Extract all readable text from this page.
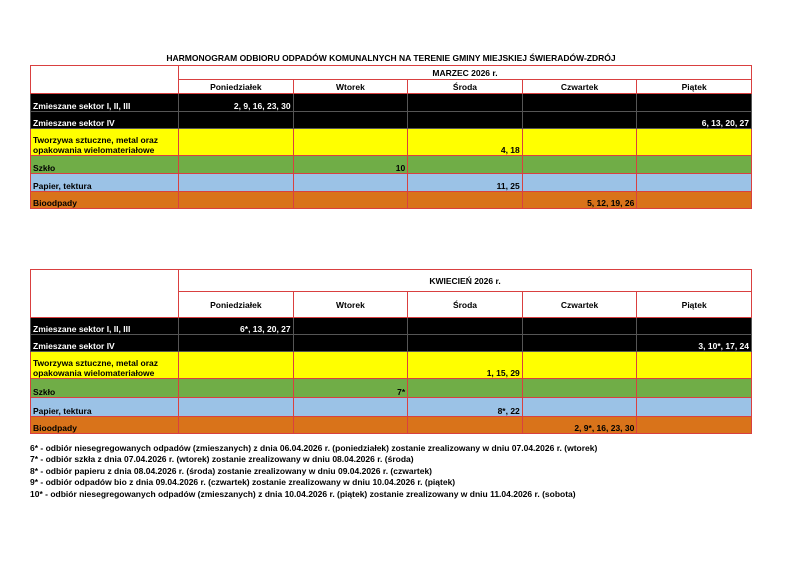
HARMONOGRAM ODBIORU ODPADÓW KOMUNALNYCH NA TERENIE GMINY MIEJSKIEJ ŚWIERADÓW-ZDRÓJ
	MARZEC 2026 r.				
	Poniedziałek	Wtorek	Środa	Czwartek	Piątek
Zmieszane sektor I, II, III	2, 9, 16, 23, 30				
Zmieszane sektor IV					6, 13, 20, 27
Tworzywa sztuczne, metal oraz opakowania wielomateriałowe			4, 18		
Szkło		10			
Papier, tektura			11, 25		
Bioodpady				5, 12, 19, 26	
	KWIECIEŃ 2026 r.				
	Poniedziałek	Wtorek	Środa	Czwartek	Piątek
Zmieszane sektor I, II, III	6*, 13, 20, 27				
Zmieszane sektor IV					3, 10*, 17, 24
Tworzywa sztuczne, metal oraz opakowania wielomateriałowe			1, 15, 29		
Szkło		7*			
Papier, tektura			8*, 22		
Bioodpady				2, 9*, 16, 23, 30	
6* - odbiór niesegregowanych odpadów (zmieszanych) z dnia 06.04.2026 r. (poniedziałek) zostanie zrealizowany w dniu 07.04.2026 r. (wtorek)
7* - odbiór szkła z dnia 07.04.2026 r. (wtorek) zostanie zrealizowany w dniu 08.04.2026 r. (środa)
8* - odbiór papieru z dnia 08.04.2026 r. (środa) zostanie zrealizowany w dniu 09.04.2026 r. (czwartek)
9* - odbiór odpadów bio z dnia 09.04.2026 r. (czwartek) zostanie zrealizowany w dniu 10.04.2026 r. (piątek)
10* - odbiór niesegregowanych odpadów (zmieszanych) z dnia 10.04.2026 r. (piątek) zostanie zrealizowany w dniu 11.04.2026 r. (sobota)
